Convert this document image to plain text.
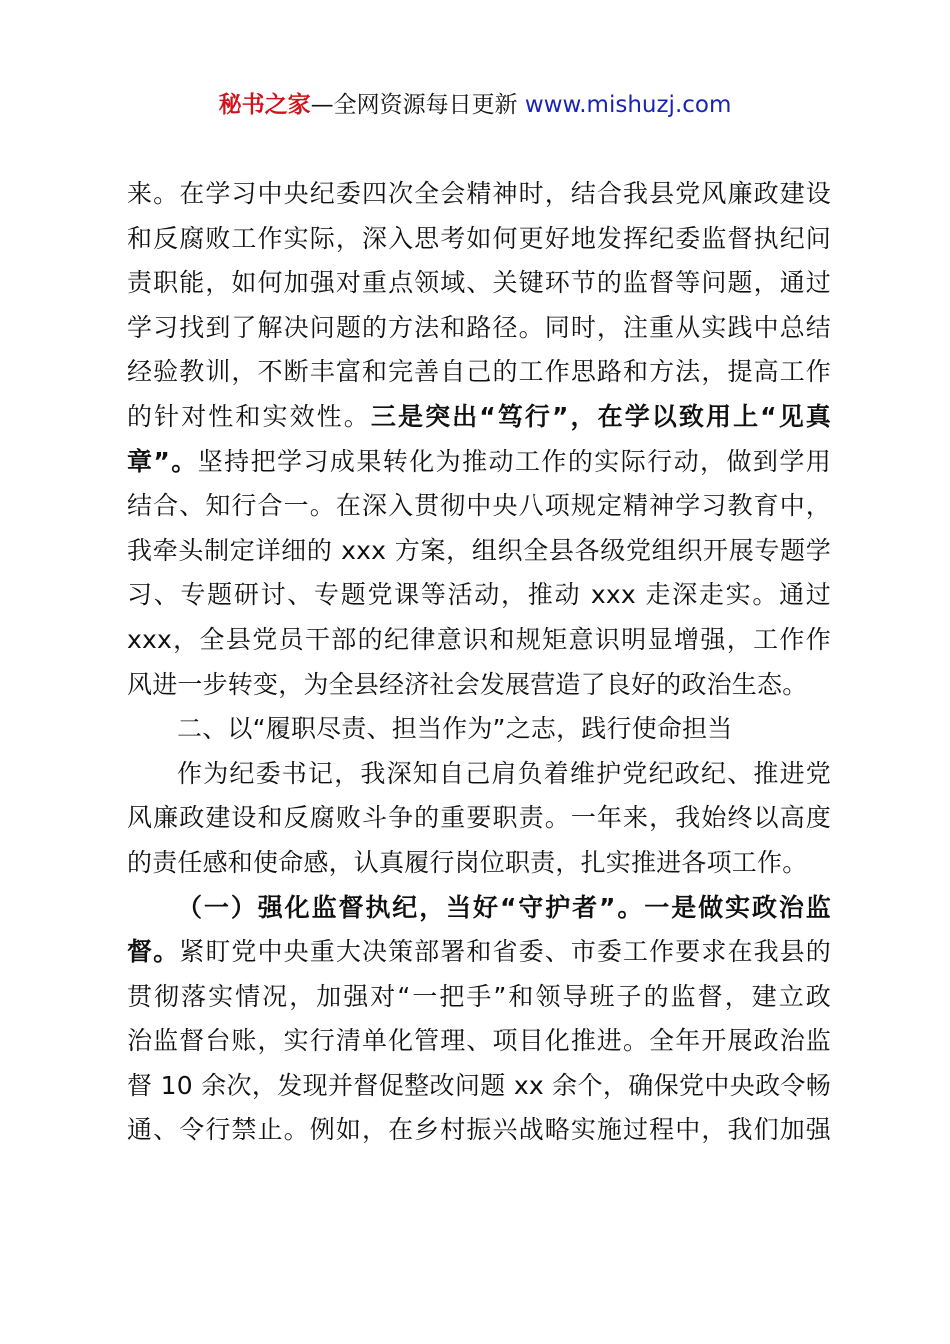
秘书之家—全网资源每日更新 www.mishuzj.com
来。在学习中央纪委四次全会精神时，结合我县党风廉政建设
和反腐败工作实际，深入思考如何更好地发挥纪委监督执纪问
责职能，如何加强对重点领域、关键环节的监督等问题，通过
学习找到了解决问题的方法和路径。同时，注重从实践中总结
经验教训，不断丰富和完善自己的工作思路和方法，提高工作
的针对性和实效性。三是突出“笃行”，在学以致用上“见真
章”。坚持把学习成果转化为推动工作的实际行动，做到学用
结合、知行合一。在深入贯彻中央八项规定精神学习教育中，
我牵头制定详细的 xxx 方案，组织全县各级党组织开展专题学
习、专题研讨、专题党课等活动，推动 xxx 走深走实。通过
xxx，全县党员干部的纪律意识和规矩意识明显增强，工作作
风进一步转变，为全县经济社会发展营造了良好的政治生态。
二、以“履职尽责、担当作为”之志，践行使命担当
作为纪委书记，我深知自己肩负着维护党纪政纪、推进党
风廉政建设和反腐败斗争的重要职责。一年来，我始终以高度
的责任感和使命感，认真履行岗位职责，扎实推进各项工作。
（一）强化监督执纪，当好“守护者”。一是做实政治监
督。紧盯党中央重大决策部署和省委、市委工作要求在我县的
贯彻落实情况，加强对“一把手”和领导班子的监督，建立政
治监督台账，实行清单化管理、项目化推进。全年开展政治监
督 10 余次，发现并督促整改问题 xx 余个，确保党中央政令畅
通、令行禁止。例如，在乡村振兴战略实施过程中，我们加强
